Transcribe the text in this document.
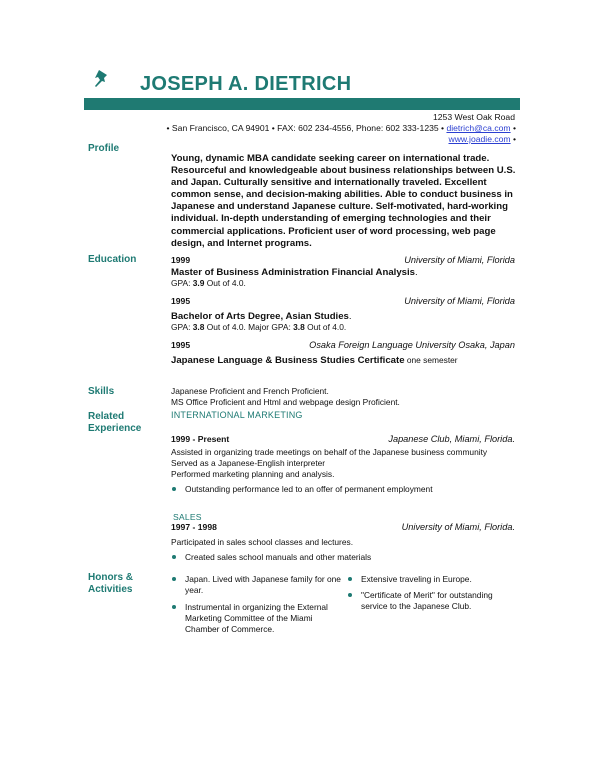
JOSEPH A. DIETRICH
1253 West Oak Road
• San Francisco, CA 94901 • FAX: 602 234-4556, Phone: 602 333-1235 • dietrich@ca.com •
www.joadie.com •
Profile
Young, dynamic MBA candidate seeking career on international trade. Resourceful and knowledgeable about business relationships between U.S. and Japan. Culturally sensitive and internationally traveled. Excellent common sense, and decision-making abilities. Able to conduct business in Japanese and understand Japanese culture. Self-motivated, hard-working individual. In-depth understanding of emerging technologies and their commercial applications. Proficient user of word processing, web page design, and Internet programs.
Education	1999	University of Miami, Florida
Master of Business Administration Financial Analysis.
GPA: 3.9 Out of 4.0.
1995	University of Miami, Florida
Bachelor of Arts Degree, Asian Studies.
GPA: 3.8 Out of 4.0. Major GPA: 3.8 Out of 4.0.
1995	Osaka Foreign Language University Osaka, Japan
Japanese Language & Business Studies Certificate one semester
Skills	Japanese Proficient and French Proficient.
MS Office Proficient and Html and webpage design Proficient.
Related
Experience
INTERNATIONAL MARKETING
1999 - Present	Japanese Club, Miami, Florida.
Assisted in organizing trade meetings on behalf of the Japanese business community
Served as a Japanese-English interpreter
Performed marketing planning and analysis.
Outstanding performance led to an offer of permanent employment
SALES
1997 - 1998	University of Miami, Florida.
Participated in sales school classes and lectures.
Created sales school manuals and other materials
Honors &
Activities
Japan. Lived with Japanese family for one year.
Instrumental in organizing the External Marketing Committee of the Miami Chamber of Commerce.
Extensive traveling in Europe.
"Certificate of Merit" for outstanding service to the Japanese Club.
